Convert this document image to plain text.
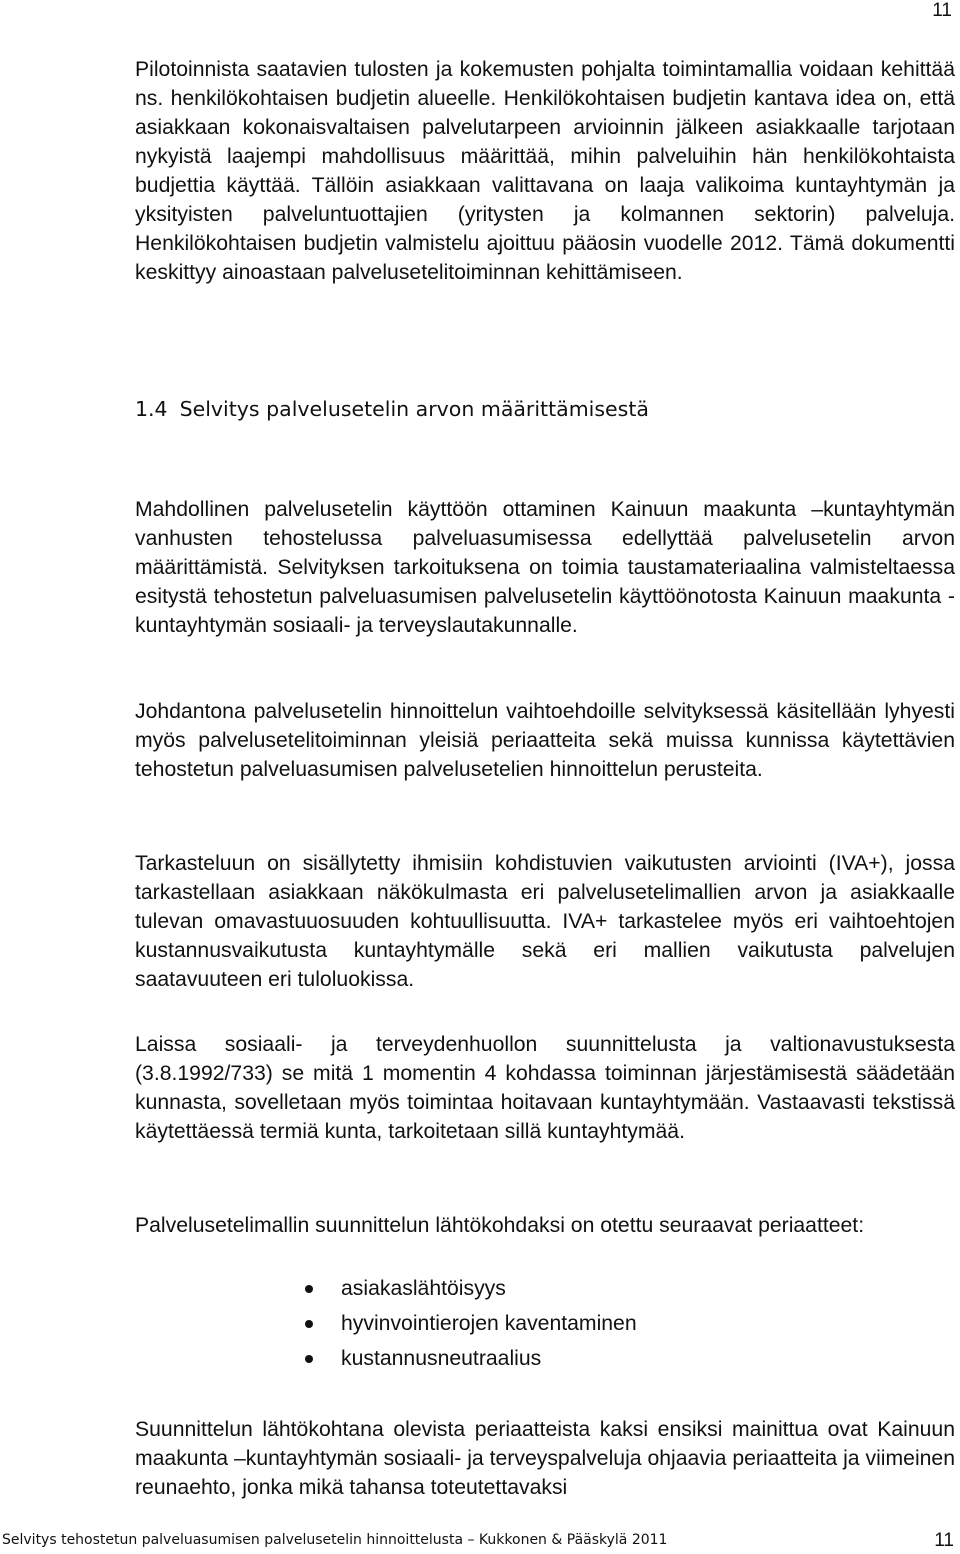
11

Pilotoinnista saatavien tulosten ja kokemusten pohjalta toimintamallia voidaan kehittää ns. henkilökohtaisen budjetin alueelle. Henkilökohtaisen budjetin kantava idea on, että asiakkaan kokonaisvaltaisen palvelutarpeen arvioinnin jälkeen asiakkaalle tarjotaan nykyistä laajempi mahdollisuus määrittää, mihin palveluihin hän henkilökohtaista budjettia käyttää. Tällöin asiakkaan valittavana on laaja valikoima kuntayhtymän ja yksityisten palveluntuottajien (yritysten ja kolmannen sektorin) palveluja. Henkilökohtaisen budjetin valmistelu ajoittuu pääosin vuodelle 2012. Tämä dokumentti keskittyy ainoastaan palvelusetelitoiminnan kehittämiseen.

1.4 Selvitys palvelusetelin arvon määrittämisestä

Mahdollinen palvelusetelin käyttöön ottaminen Kainuun maakunta –kuntayhtymän vanhusten tehostelussa palveluasumisessa edellyttää palvelusetelin arvon määrittämistä. Selvityksen tarkoituksena on toimia taustamateriaalina valmisteltaessa esitystä tehostetun palveluasumisen palvelusetelin käyttöönotosta Kainuun maakunta -kuntayhtymän sosiaali- ja terveyslautakunnalle.

Johdantona palvelusetelin hinnoittelun vaihtoehdoille selvityksessä käsitellään lyhyesti myös palvelusetelitoiminnan yleisiä periaatteita sekä muissa kunnissa käytettävien tehostetun palveluasumisen palvelusetelien hinnoittelun perusteita.

Tarkasteluun on sisällytetty ihmisiin kohdistuvien vaikutusten arviointi (IVA+), jossa tarkastellaan asiakkaan näkökulmasta eri palvelusetelimallien arvon ja asiakkaalle tulevan omavastuuosuuden kohtuullisuutta. IVA+ tarkastelee myös eri vaihtoehtojen kustannusvaikutusta kuntayhtymälle sekä eri mallien vaikutusta palvelujen saatavuuteen eri tuloluokissa.

Laissa sosiaali- ja terveydenhuollon suunnittelusta ja valtionavustuksesta (3.8.1992/733) se mitä 1 momentin 4 kohdassa toiminnan järjestämisestä säädetään kunnasta, sovelletaan myös toimintaa hoitavaan kuntayhtymään. Vastaavasti tekstissä käytettäessä termiä kunta, tarkoitetaan sillä kuntayhtymää.

Palvelusetelimallin suunnittelun lähtökohdaksi on otettu seuraavat periaatteet:

asiakaslähtöisyys
hyvinvointierojen kaventaminen
kustannusneutraalius

Suunnittelun lähtökohtana olevista periaatteista kaksi ensiksi mainittua ovat Kainuun maakunta –kuntayhtymän sosiaali- ja terveyspalveluja ohjaavia periaatteita ja viimeinen reunaehto, jonka mikä tahansa toteutettavaksi

Selvitys tehostetun palveluasumisen palvelusetelin hinnoittelusta – Kukkonen & Pääskylä 2011	11
